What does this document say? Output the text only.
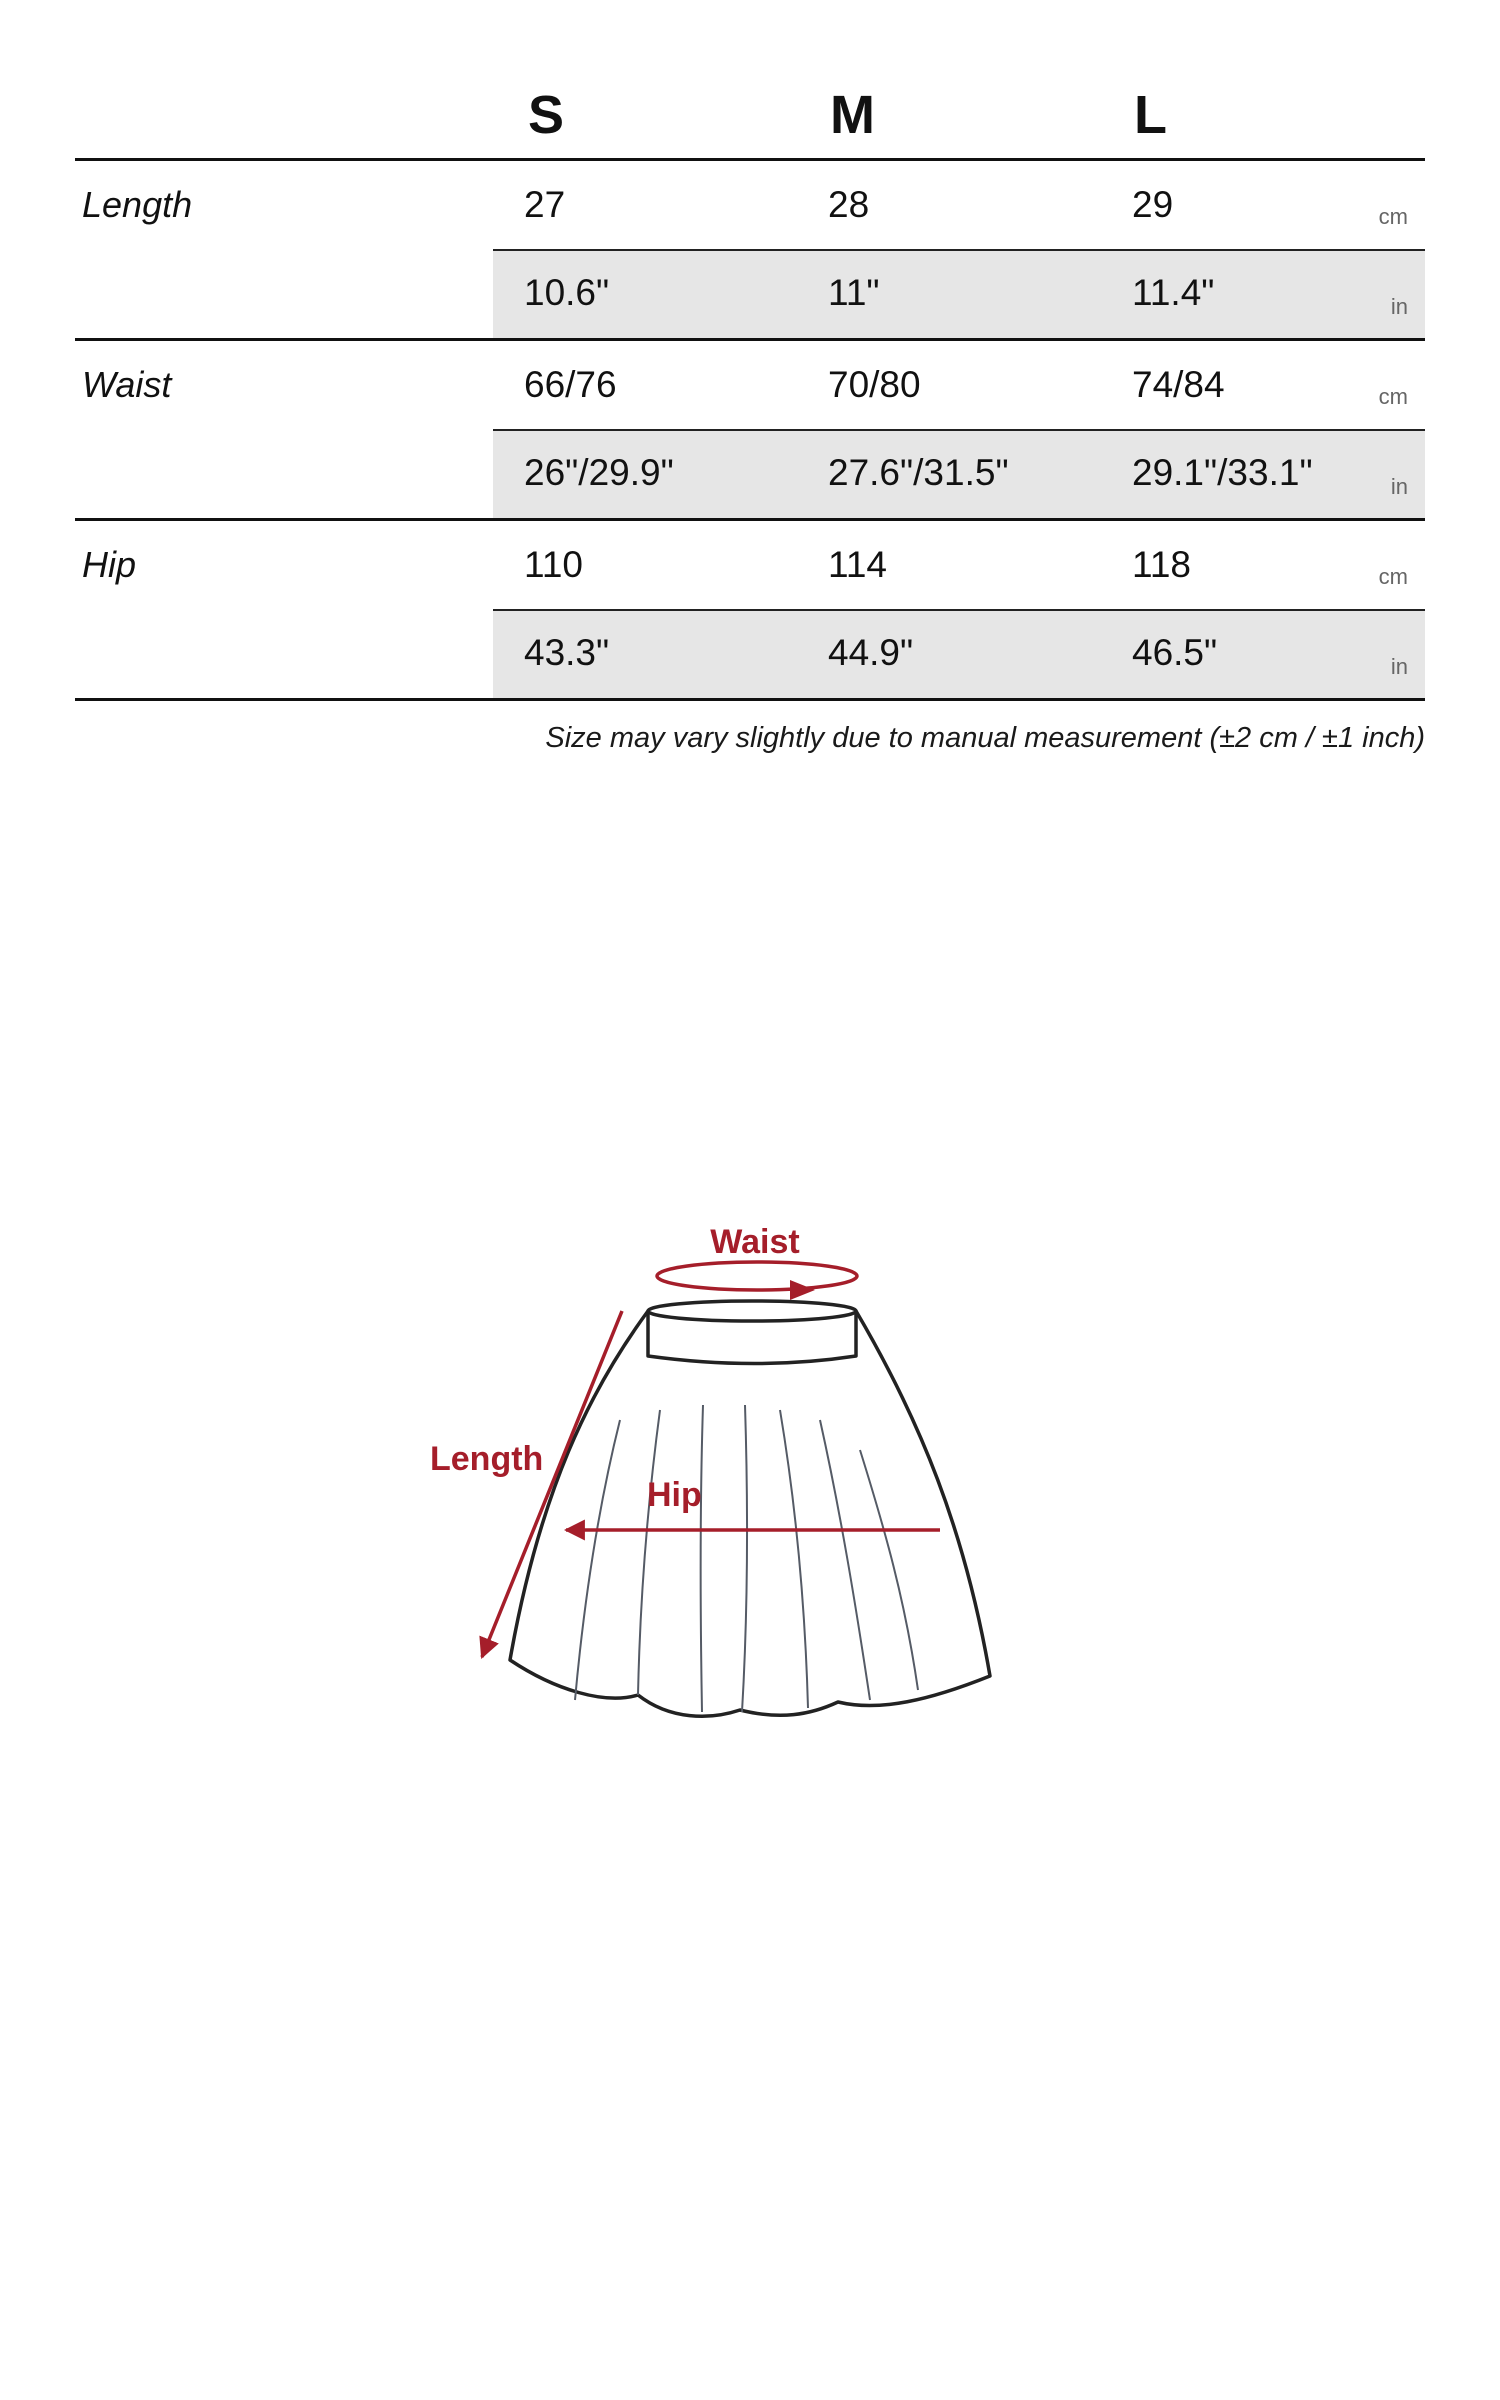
S	M	L
Length	27	28	29	cm
10.6"	11"	11.4"	in
Waist	66/76	70/80	74/84	cm
26"/29.9"	27.6"/31.5"	29.1"/33.1"	in
Hip	110	114	118	cm
43.3"	44.9"	46.5"	in
Size may vary slightly due to manual measurement (±2 cm / ±1 inch)
Waist
Length
Hip
